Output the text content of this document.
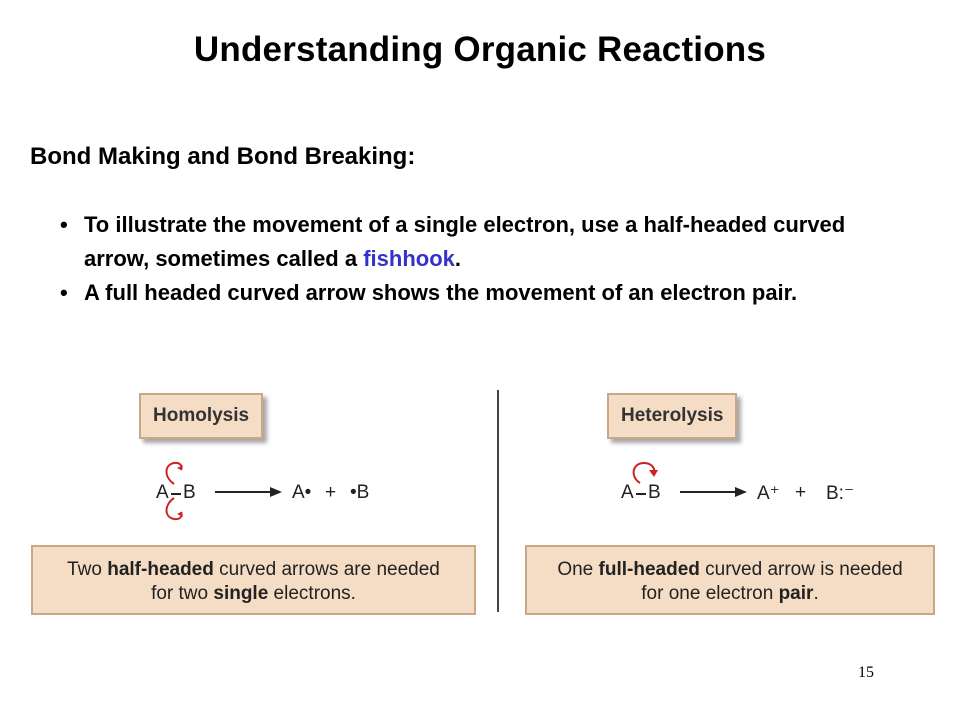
Understanding Organic Reactions
Bond Making and Bond Breaking:
• To illustrate the movement of a single electron, use a half-headed curved arrow, sometimes called a fishhook.
• A full headed curved arrow shows the movement of an electron pair.
Homolysis
A B	A• + •B
Two half-headed curved arrows are needed
for two single electrons.
Heterolysis
A B	A⁺ + B:⁻
One full-headed curved arrow is needed
for one electron pair.
15
